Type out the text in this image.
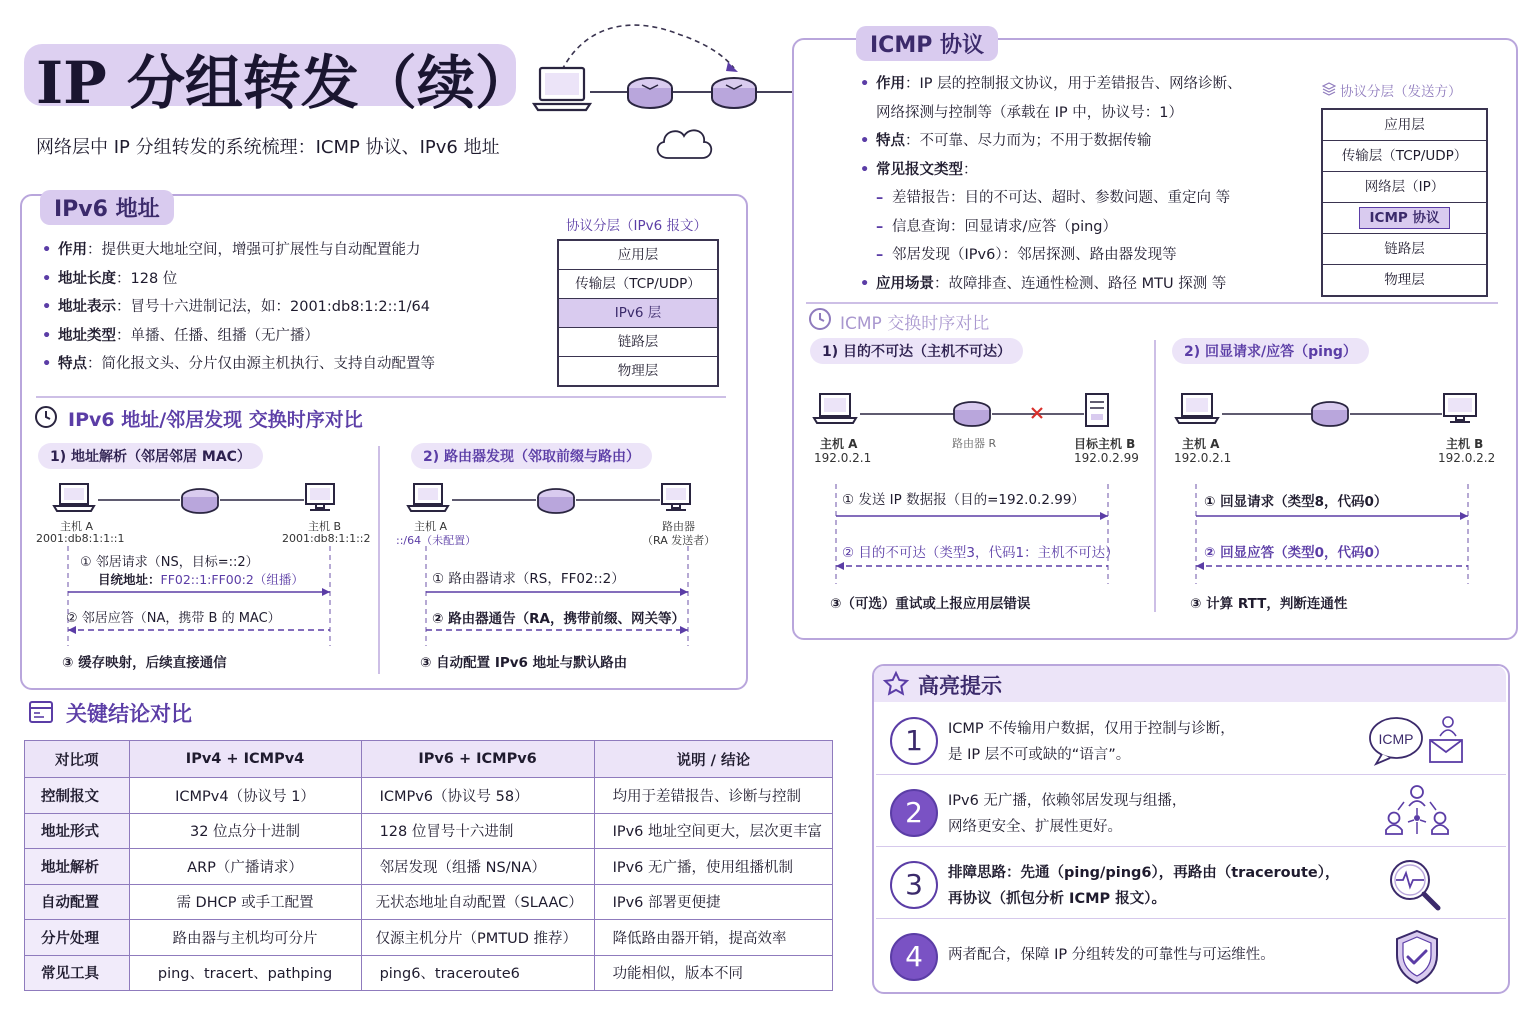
IP 分组转发（续）
网络层中 IP 分组转发的系统梳理：ICMP 协议、IPv6 地址
IPv6 地址
• 作用：提供更大地址空间，增强可扩展性与自动配置能力
• 地址长度：128 位
• 地址表示：冒号十六进制记法，如：2001:db8:1:2::1/64
• 地址类型：单播、任播、组播（无广播）
• 特点：简化报文头、分片仅由源主机执行、支持自动配置等
协议分层（IPv6 报文）
应用层
传输层（TCP/UDP）
IPv6 层
链路层
物理层
IPv6 地址/邻居发现 交换时序对比
1) 地址解析（邻居邻居 MAC）
主机 A
2001:db8:1:1::1
主机 B
2001:db8:1:1::2
① 邻居请求（NS，目标=::2）
目统地址：FF02::1:FF00:2（组播）
② 邻居应答（NA，携带 B 的 MAC）
③ 缓存映射，后续直接通信
2) 路由器发现（邻取前缀与路由）
主机 A
::/64（未配置）
路由器
（RA 发送者）
① 路由器请求（RS，FF02::2）
② 路由器通告（RA，携带前缀、网关等）
③ 自动配置 IPv6 地址与默认路由
ICMP 协议
• 作用：IP 层的控制报文协议，用于差错报告、网络诊断、
网络探测与控制等（承载在 IP 中，协议号：1）
• 特点：不可靠、尽力而为；不用于数据传输
• 常见报文类型：
– 差错报告：目的不可达、超时、参数问题、重定向 等
– 信息查询：回显请求/应答（ping）
– 邻居发现（IPv6）：邻居探测、路由器发现等
• 应用场景：故障排查、连通性检测、路径 MTU 探测 等
协议分层（发送方）
应用层
传输层（TCP/UDP）
网络层（IP）
ICMP 协议
链路层
物理层
ICMP 交换时序对比
1) 目的不可达（主机不可达）
主机 A
192.0.2.1
路由器 R	目标主机 B
192.0.2.99
① 发送 IP 数据报（目的=192.0.2.99）
② 目的不可达（类型3，代码1：主机不可达）
③（可选）重试或上报应用层错误
2) 回显请求/应答（ping）
主机 A
192.0.2.1
主机 B
192.0.2.2
① 回显请求（类型8，代码0）
② 回显应答（类型0，代码0）
③ 计算 RTT，判断连通性
关键结论对比
对比项	IPv4 + ICMPv4	IPv6 + ICMPv6	说明 / 结论
控制报文	ICMPv4（协议号 1）	ICMPv6（协议号 58）	均用于差错报告、诊断与控制
地址形式	32 位点分十进制	128 位冒号十六进制	IPv6 地址空间更大，层次更丰富
地址解析	ARP（广播请求）	邻居发现（组播 NS/NA）	IPv6 无广播，使用组播机制
自动配置	需 DHCP 或手工配置	无状态地址自动配置（SLAAC）	IPv6 部署更便捷
分片处理	路由器与主机均可分片	仅源主机分片（PMTUD 推荐）	降低路由器开销，提高效率
常见工具	ping、tracert、pathping	ping6、traceroute6	功能相似，版本不同
高亮提示
1	ICMP 不传输用户数据，仅用于控制与诊断，
是 IP 层不可或缺的“语言”。
ICMP
2	IPv6 无广播，依赖邻居发现与组播，
网络更安全、扩展性更好。
3	排障思路：先通（ping/ping6），再路由（traceroute），
再协议（抓包分析 ICMP 报文）。
4	两者配合，保障 IP 分组转发的可靠性与可运维性。
